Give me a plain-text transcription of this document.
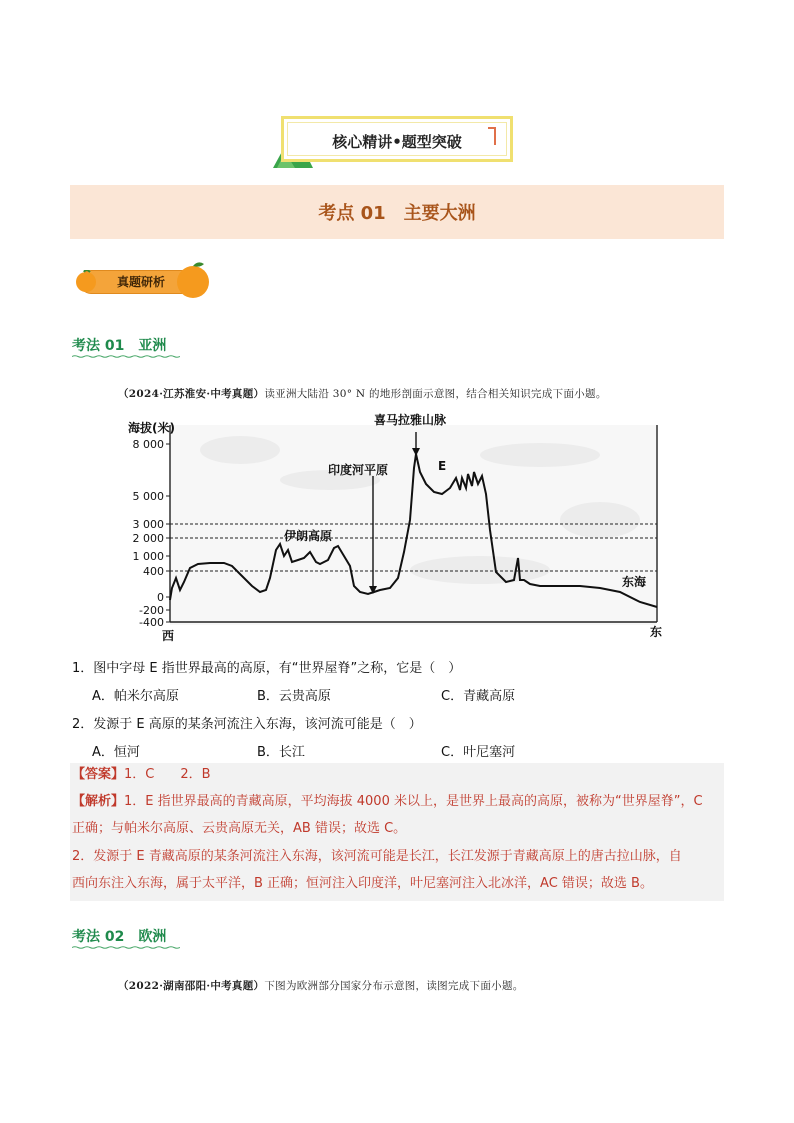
核心精讲•题型突破
考点 01　主要大洲
真题研析
考法 01　亚洲
（2024·江苏淮安·中考真题）读亚洲大陆沿 30° N 的地形剖面示意图，结合相关知识完成下面小题。
8 000
5 000
3 000
2 000
1 000
400
0
-200
-400
海拔(米)
喜马拉雅山脉
印度河平原
伊朗高原
E
东海
西	东
1．图中字母 E 指世界最高的高原，有“世界屋脊”之称，它是（　）
A．帕米尔高原	B．云贵高原	C．青藏高原
2．发源于 E 高原的某条河流注入东海，该河流可能是（　）
A．恒河	B．长江	C．叶尼塞河
【答案】1．C　　2．B
【解析】1．E 指世界最高的青藏高原，平均海拔 4000 米以上，是世界上最高的高原，被称为“世界屋脊”，C
正确；与帕米尔高原、云贵高原无关，AB 错误；故选 C。
2．发源于 E 青藏高原的某条河流注入东海，该河流可能是长江，长江发源于青藏高原上的唐古拉山脉，自
西向东注入东海，属于太平洋，B 正确；恒河注入印度洋，叶尼塞河注入北冰洋，AC 错误；故选 B。
考法 02　欧洲
（2022·湖南邵阳·中考真题）下图为欧洲部分国家分布示意图，读图完成下面小题。
